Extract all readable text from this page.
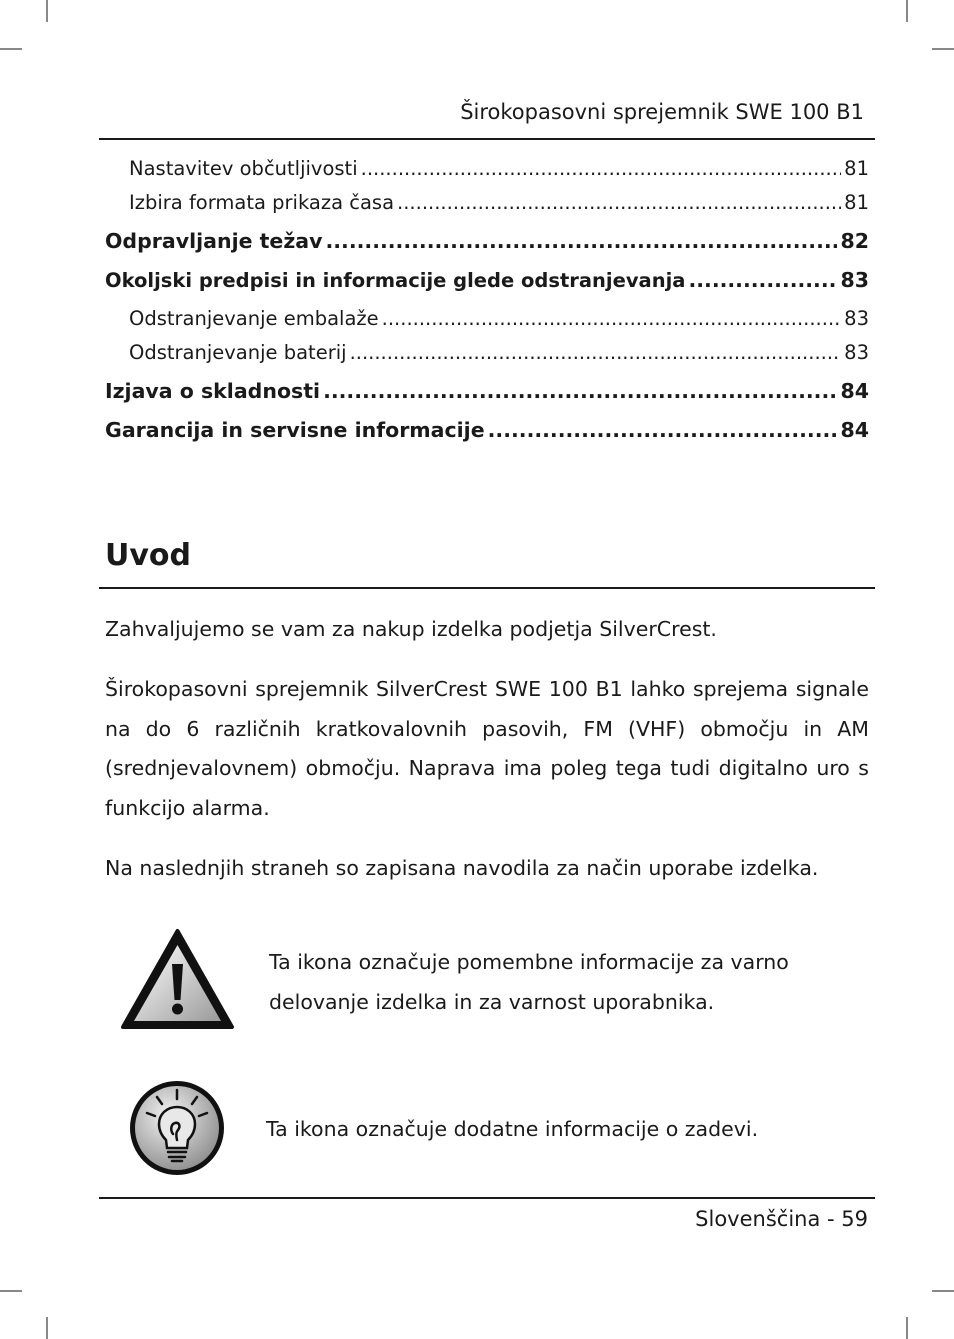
Širokopasovni sprejemnik SWE 100 B1
Nastavitev občutljivosti .....	81
Izbira formata prikaza časa .....	81
Odpravljanje težav .....	82
Okoljski predpisi in informacije glede odstranjevanja .....	83
Odstranjevanje embalaže .....	83
Odstranjevanje baterij .....	83
Izjava o skladnosti .....	84
Garancija in servisne informacije .....	84
Uvod

Zahvaljujemo se vam za nakup izdelka podjetja SilverCrest.

Širokopasovni sprejemnik SilverCrest SWE 100 B1 lahko sprejema signale na do 6 različnih kratkovalovnih pasovih, FM (VHF) območju in AM (srednjevalovnem) območju. Naprava ima poleg tega tudi digitalno uro s funkcijo alarma.

Na naslednjih straneh so zapisana navodila za način uporabe izdelka.

Ta ikona označuje pomembne informacije za varno delovanje izdelka in za varnost uporabnika.
Ta ikona označuje dodatne informacije o zadevi.
Slovenščina - 59
